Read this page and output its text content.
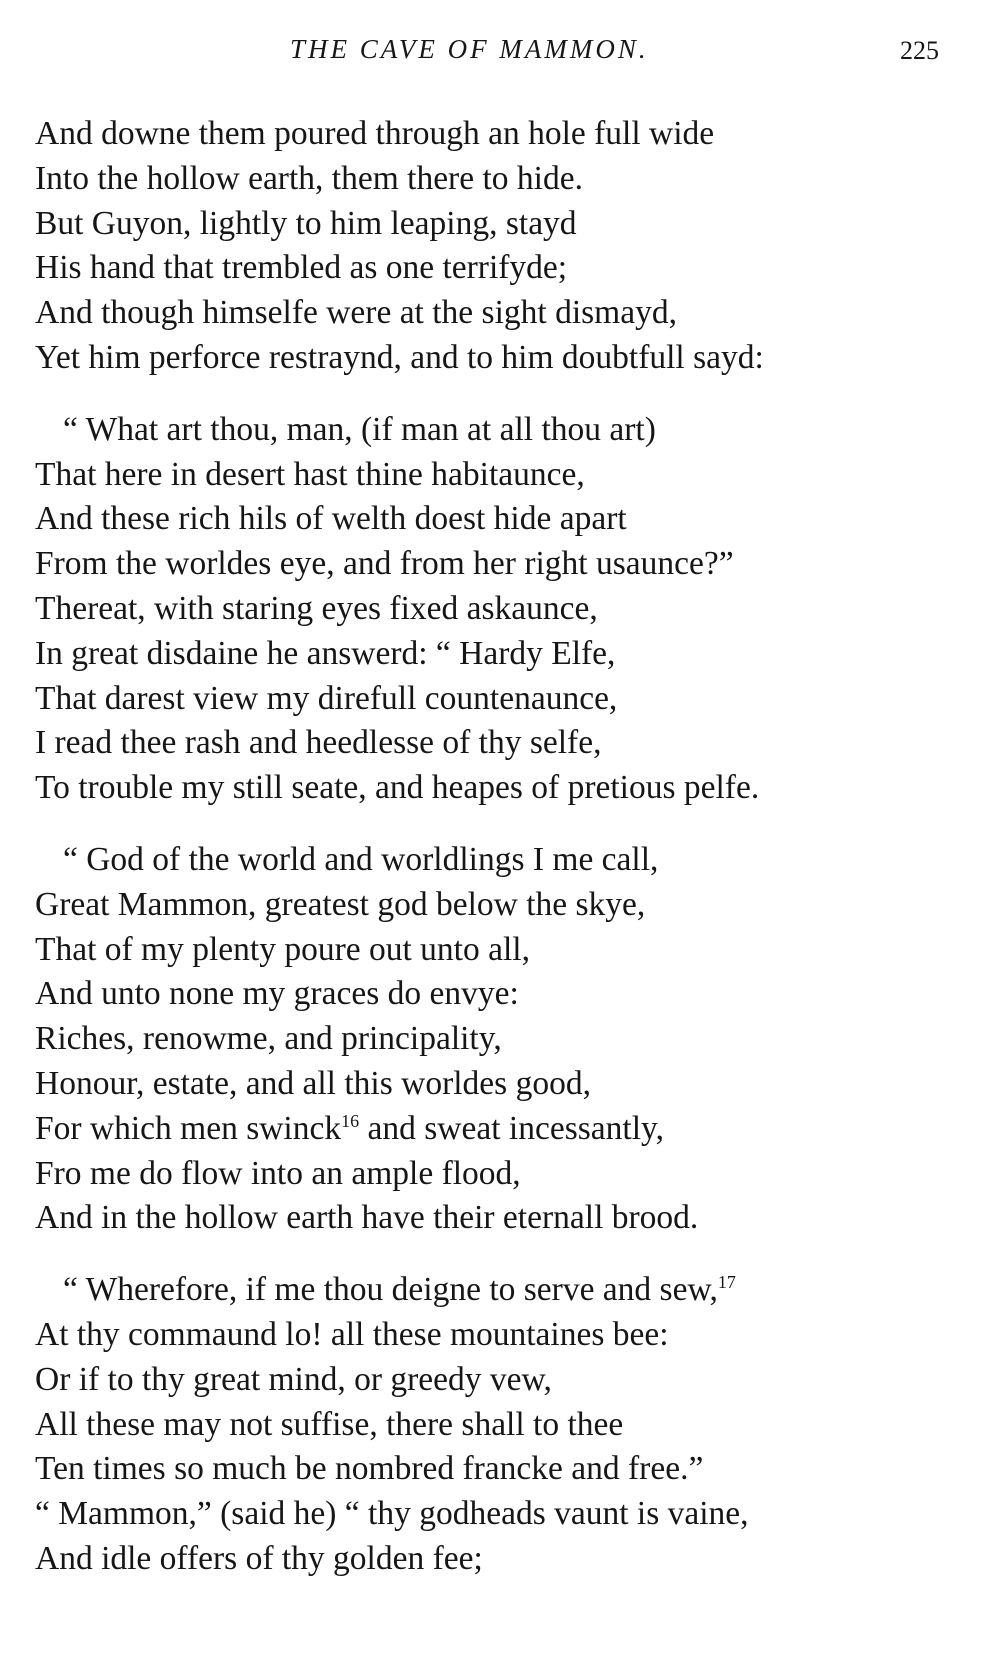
THE CAVE OF MAMMON.	225
And downe them poured through an hole full wide
Into the hollow earth, them there to hide.
But Guyon, lightly to him leaping, stayd
His hand that trembled as one terrifyde;
And though himselfe were at the sight dismayd,
Yet him perforce restraynd, and to him doubtfull sayd:
“ What art thou, man, (if man at all thou art)
That here in desert hast thine habitaunce,
And these rich hils of welth doest hide apart
From the worldes eye, and from her right usaunce?”
Thereat, with staring eyes fixed askaunce,
In great disdaine he answerd: “ Hardy Elfe,
That darest view my direfull countenaunce,
I read thee rash and heedlesse of thy selfe,
To trouble my still seate, and heapes of pretious pelfe.
“ God of the world and worldlings I me call,
Great Mammon, greatest god below the skye,
That of my plenty poure out unto all,
And unto none my graces do envye:
Riches, renowme, and principality,
Honour, estate, and all this worldes good,
For which men swinck$^{16}$ and sweat incessantly,
Fro me do flow into an ample flood,
And in the hollow earth have their eternall brood.
“ Wherefore, if me thou deigne to serve and sew,$^{17}$
At thy commaund lo! all these mountaines bee:
Or if to thy great mind, or greedy vew,
All these may not suffise, there shall to thee
Ten times so much be nombred francke and free.”
“ Mammon,” (said he) “ thy godheads vaunt is vaine,
And idle offers of thy golden fee;
